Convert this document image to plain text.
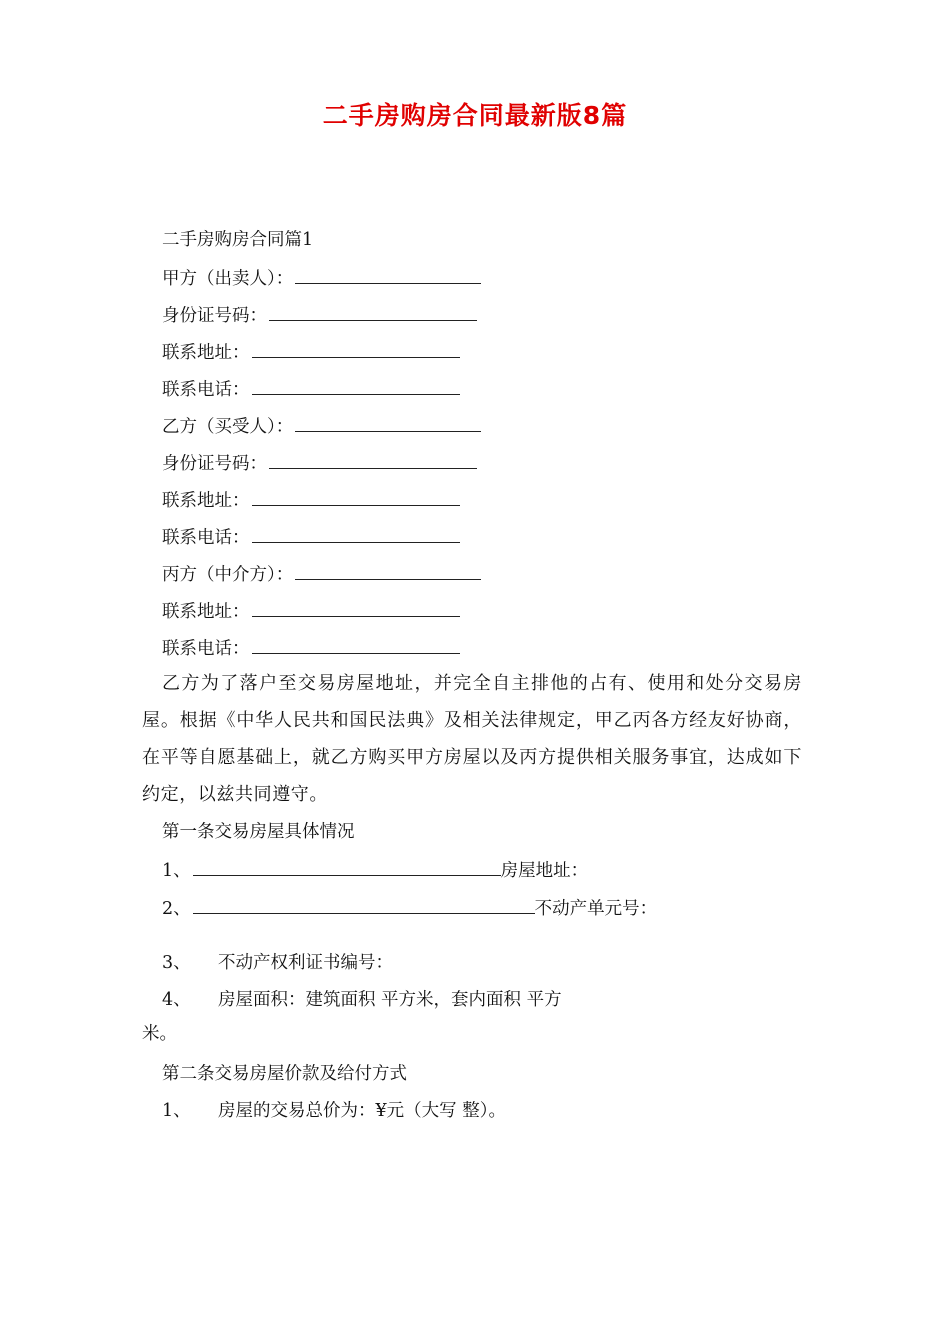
二手房购房合同最新版8篇
二手房购房合同篇1
甲方（出卖人）：
身份证号码：
联系地址：
联系电话：
乙方（买受人）：
身份证号码：
联系地址：
联系电话：
丙方（中介方）：
联系地址：
联系电话：
乙方为了落户至交易房屋地址，并完全自主排他的占有、使用和处分交易房屋。根据《中华人民共和国民法典》及相关法律规定，甲乙丙各方经友好协商，在平等自愿基础上，就乙方购买甲方房屋以及丙方提供相关服务事宜，达成如下约定，以兹共同遵守。
第一条交易房屋具体情况
1、	房屋地址：
2、	不动产单元号：
3、 不动产权利证书编号：
4、 房屋面积：建筑面积 平方米，套内面积 平方
米。
第二条交易房屋价款及给付方式
1、 房屋的交易总价为：¥元（大写 整）。
